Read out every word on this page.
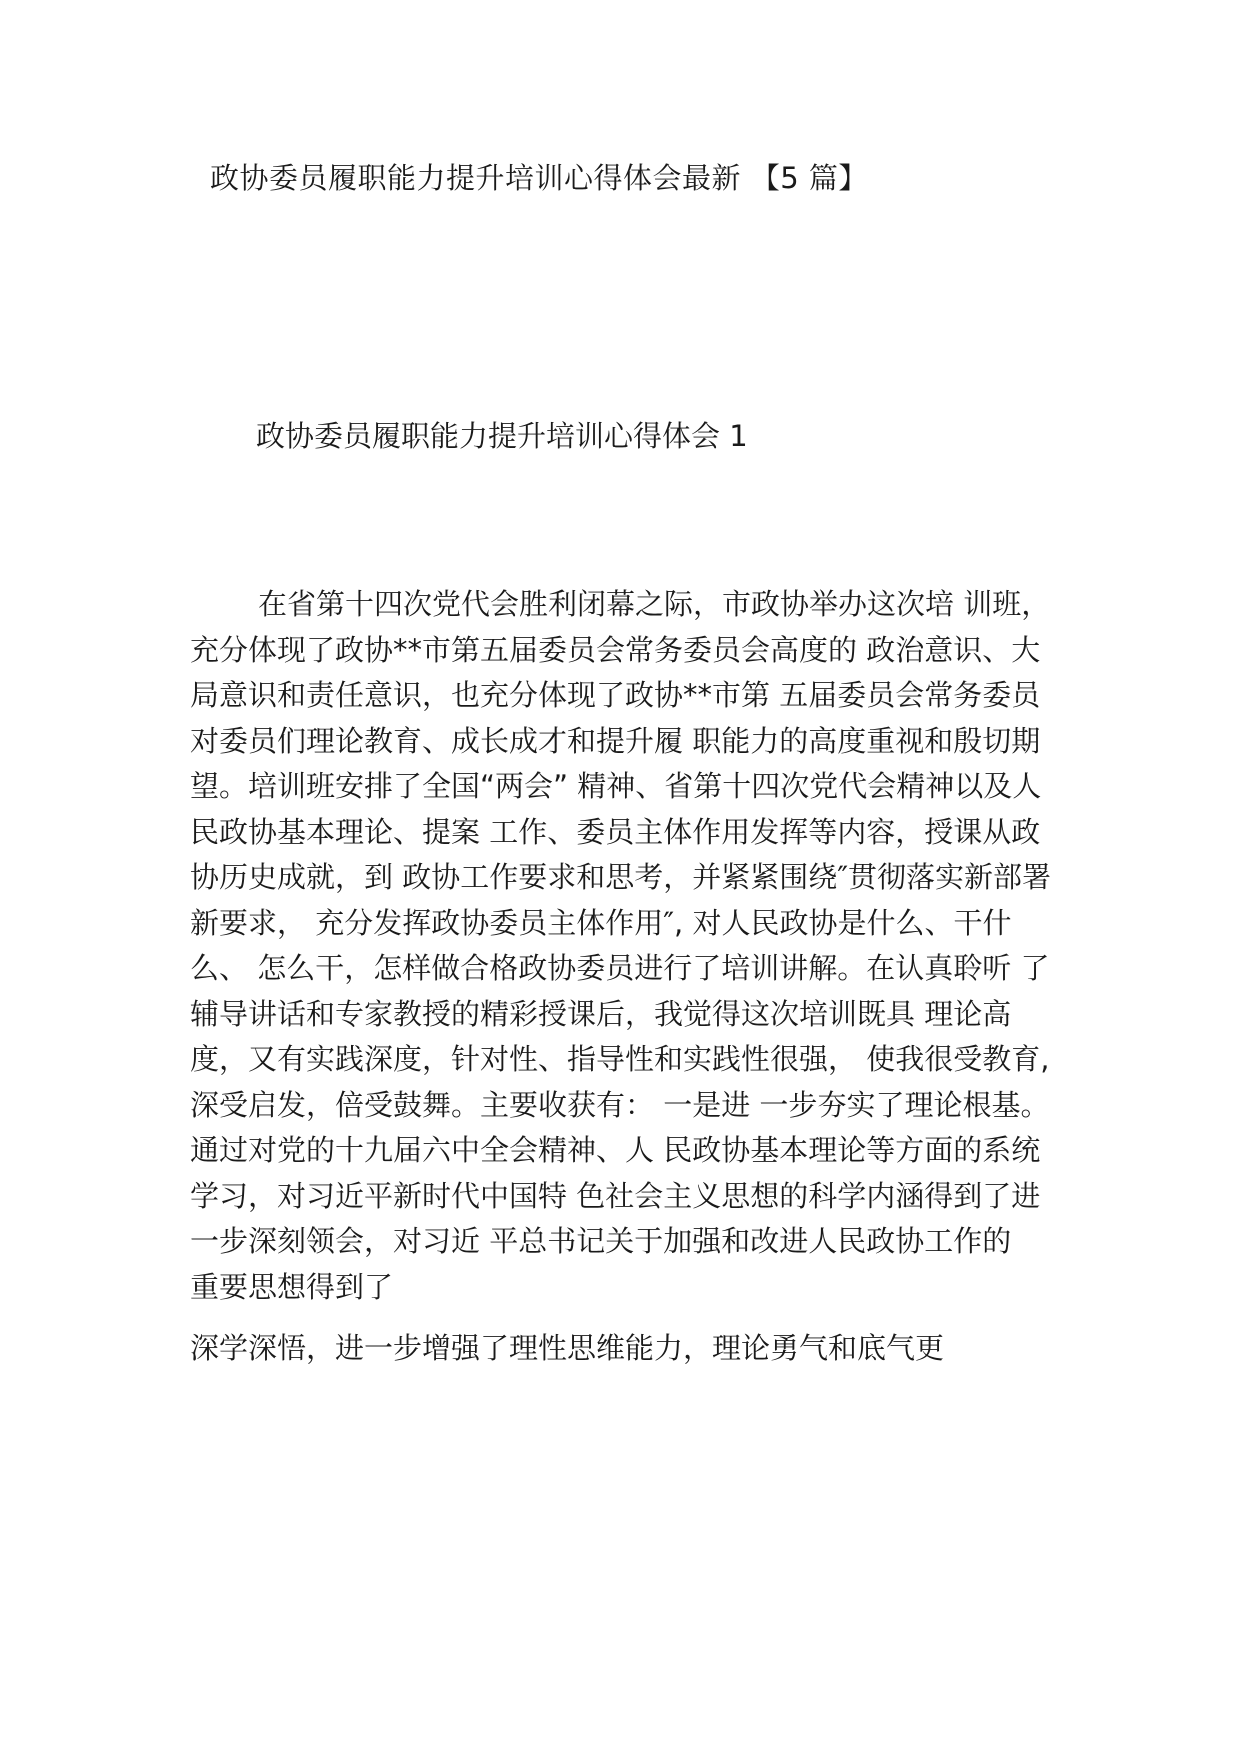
政协委员履职能力提升培训心得体会最新 【5 篇】
政协委员履职能力提升培训心得体会 1
在省第十四次党代会胜利闭幕之际，市政协举办这次培 训班，
充分体现了政协**市第五届委员会常务委员会高度的 政治意识、大
局意识和责任意识，也充分体现了政协**市第 五届委员会常务委员
对委员们理论教育、成长成才和提升履 职能力的高度重视和殷切期
望。培训班安排了全国“两会” 精神、省第十四次党代会精神以及人
民政协基本理论、提案 工作、委员主体作用发挥等内容，授课从政
协历史成就，到 政协工作要求和思考，并紧紧围绕″贯彻落实新部署
新要求， 充分发挥政协委员主体作用″, 对人民政协是什么、干什
么、 怎么干，怎样做合格政协委员进行了培训讲解。在认真聆听 了
辅导讲话和专家教授的精彩授课后，我觉得这次培训既具 理论高
度，又有实践深度，针对性、指导性和实践性很强， 使我很受教育,
深受启发，倍受鼓舞。主要收获有： 一是进 一步夯实了理论根基。
通过对党的十九届六中全会精神、人 民政协基本理论等方面的系统
学习，对习近平新时代中国特 色社会主义思想的科学内涵得到了进
一步深刻领会，对习近 平总书记关于加强和改进人民政协工作的
重要思想得到了
深学深悟，进一步增强了理性思维能力，理论勇气和底气更
